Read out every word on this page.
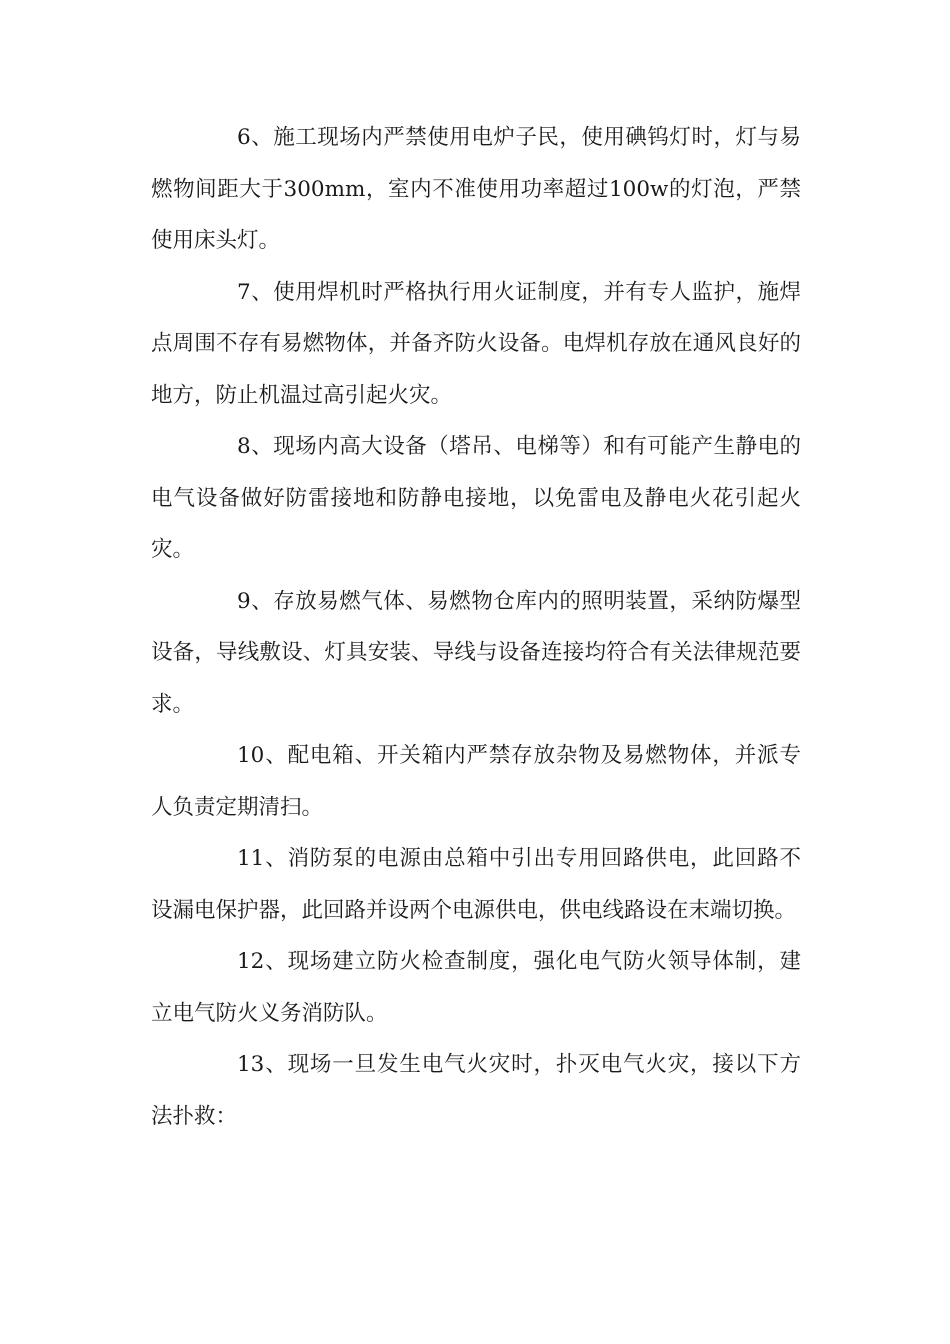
6、施工现场内严禁使用电炉子民，使用碘钨灯时，灯与易燃物间距大于300mm，室内不准使用功率超过100w的灯泡，严禁使用床头灯。

7、使用焊机时严格执行用火证制度，并有专人监护，施焊点周围不存有易燃物体，并备齐防火设备。电焊机存放在通风良好的地方，防止机温过高引起火灾。

8、现场内高大设备（塔吊、电梯等）和有可能产生静电的电气设备做好防雷接地和防静电接地，以免雷电及静电火花引起火灾。

9、存放易燃气体、易燃物仓库内的照明装置，采纳防爆型设备，导线敷设、灯具安装、导线与设备连接均符合有关法律规范要求。

10、配电箱、开关箱内严禁存放杂物及易燃物体，并派专人负责定期清扫。

11、消防泵的电源由总箱中引出专用回路供电，此回路不设漏电保护器，此回路并设两个电源供电，供电线路设在末端切换。

12、现场建立防火检查制度，强化电气防火领导体制，建立电气防火义务消防队。

13、现场一旦发生电气火灾时，扑灭电气火灾，接以下方法扑救：
